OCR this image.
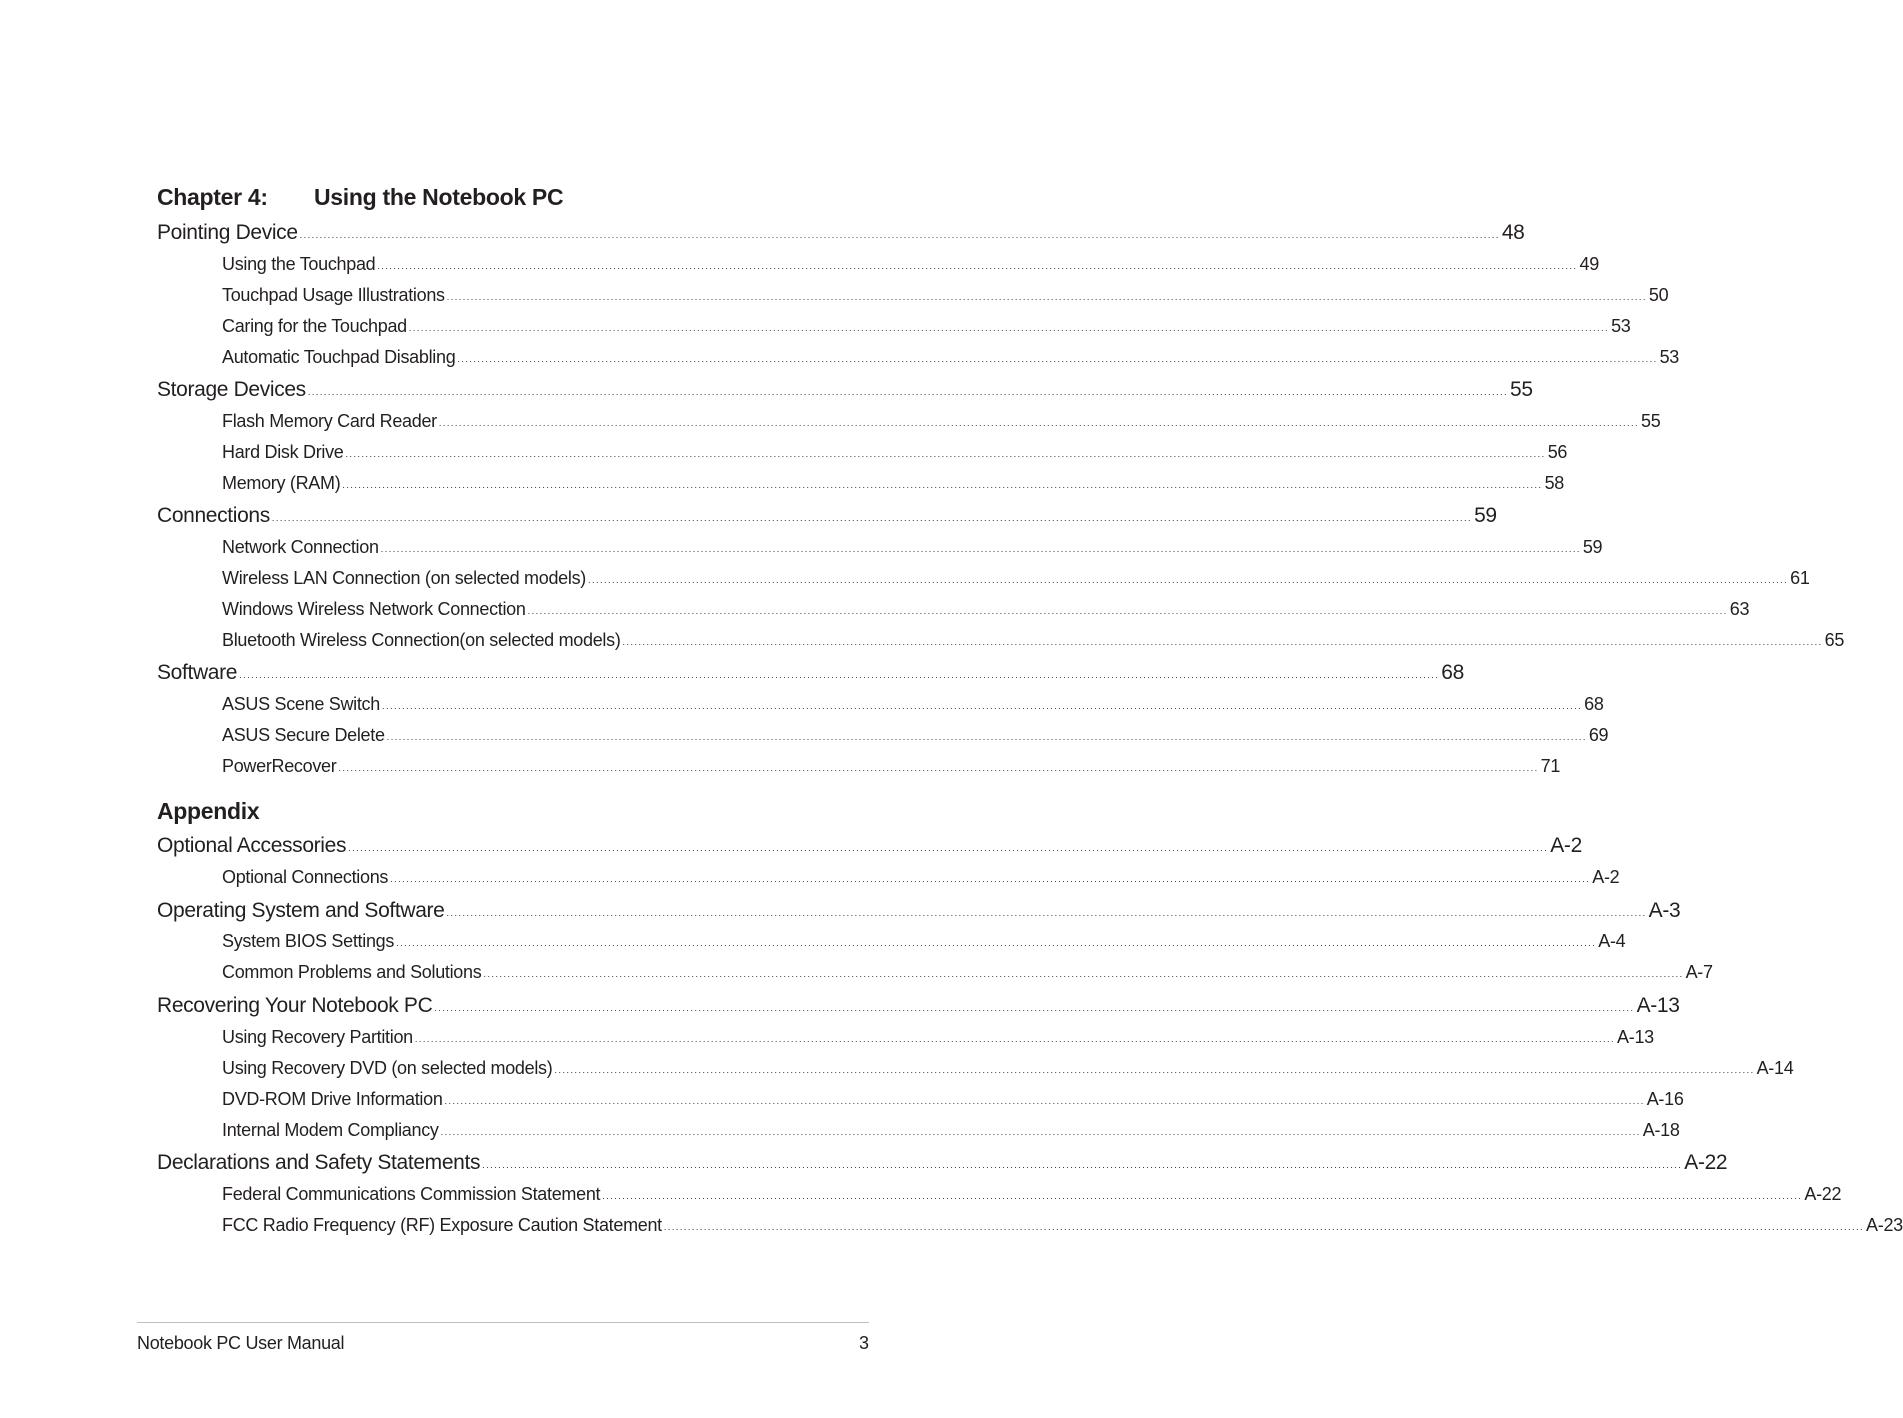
Chapter 4: Using the Notebook PC
Pointing Device ............................................................................................................................................................................................................................................................................................................ 48
Using the Touchpad ............................................................................................................................................................................................................................................................................................................ 49
Touchpad Usage Illustrations ............................................................................................................................................................................................................................................................................................................ 50
Caring for the Touchpad ............................................................................................................................................................................................................................................................................................................ 53
Automatic Touchpad Disabling ............................................................................................................................................................................................................................................................................................................ 53
Storage Devices ............................................................................................................................................................................................................................................................................................................ 55
Flash Memory Card Reader ............................................................................................................................................................................................................................................................................................................ 55
Hard Disk Drive ............................................................................................................................................................................................................................................................................................................ 56
Memory (RAM) ............................................................................................................................................................................................................................................................................................................ 58
Connections ............................................................................................................................................................................................................................................................................................................ 59
Network Connection ............................................................................................................................................................................................................................................................................................................ 59
Wireless LAN Connection (on selected models) ............................................................................................................................................................................................................................................................................................................ 61
Windows Wireless Network Connection ............................................................................................................................................................................................................................................................................................................ 63
Bluetooth Wireless Connection(on selected models) ............................................................................................................................................................................................................................................................................................................ 65
Software ............................................................................................................................................................................................................................................................................................................ 68
ASUS Scene Switch ............................................................................................................................................................................................................................................................................................................ 68
ASUS Secure Delete ............................................................................................................................................................................................................................................................................................................ 69
PowerRecover ............................................................................................................................................................................................................................................................................................................ 71
Appendix
Optional Accessories ............................................................................................................................................................................................................................................................................................................ A-2
Optional Connections ............................................................................................................................................................................................................................................................................................................ A-2
Operating System and Software ............................................................................................................................................................................................................................................................................................................ A-3
System BIOS Settings ............................................................................................................................................................................................................................................................................................................ A-4
Common Problems and Solutions ............................................................................................................................................................................................................................................................................................................ A-7
Recovering Your Notebook PC ............................................................................................................................................................................................................................................................................................................ A-13
Using Recovery Partition ............................................................................................................................................................................................................................................................................................................ A-13
Using Recovery DVD (on selected models) ............................................................................................................................................................................................................................................................................................................ A-14
DVD-ROM Drive Information ............................................................................................................................................................................................................................................................................................................ A-16
Internal Modem Compliancy ............................................................................................................................................................................................................................................................................................................ A-18
Declarations and Safety Statements ............................................................................................................................................................................................................................................................................................................ A-22
Federal Communications Commission Statement ............................................................................................................................................................................................................................................................................................................ A-22
FCC Radio Frequency (RF) Exposure Caution Statement ............................................................................................................................................................................................................................................................................................................ A-23
Notebook PC User Manual	3
